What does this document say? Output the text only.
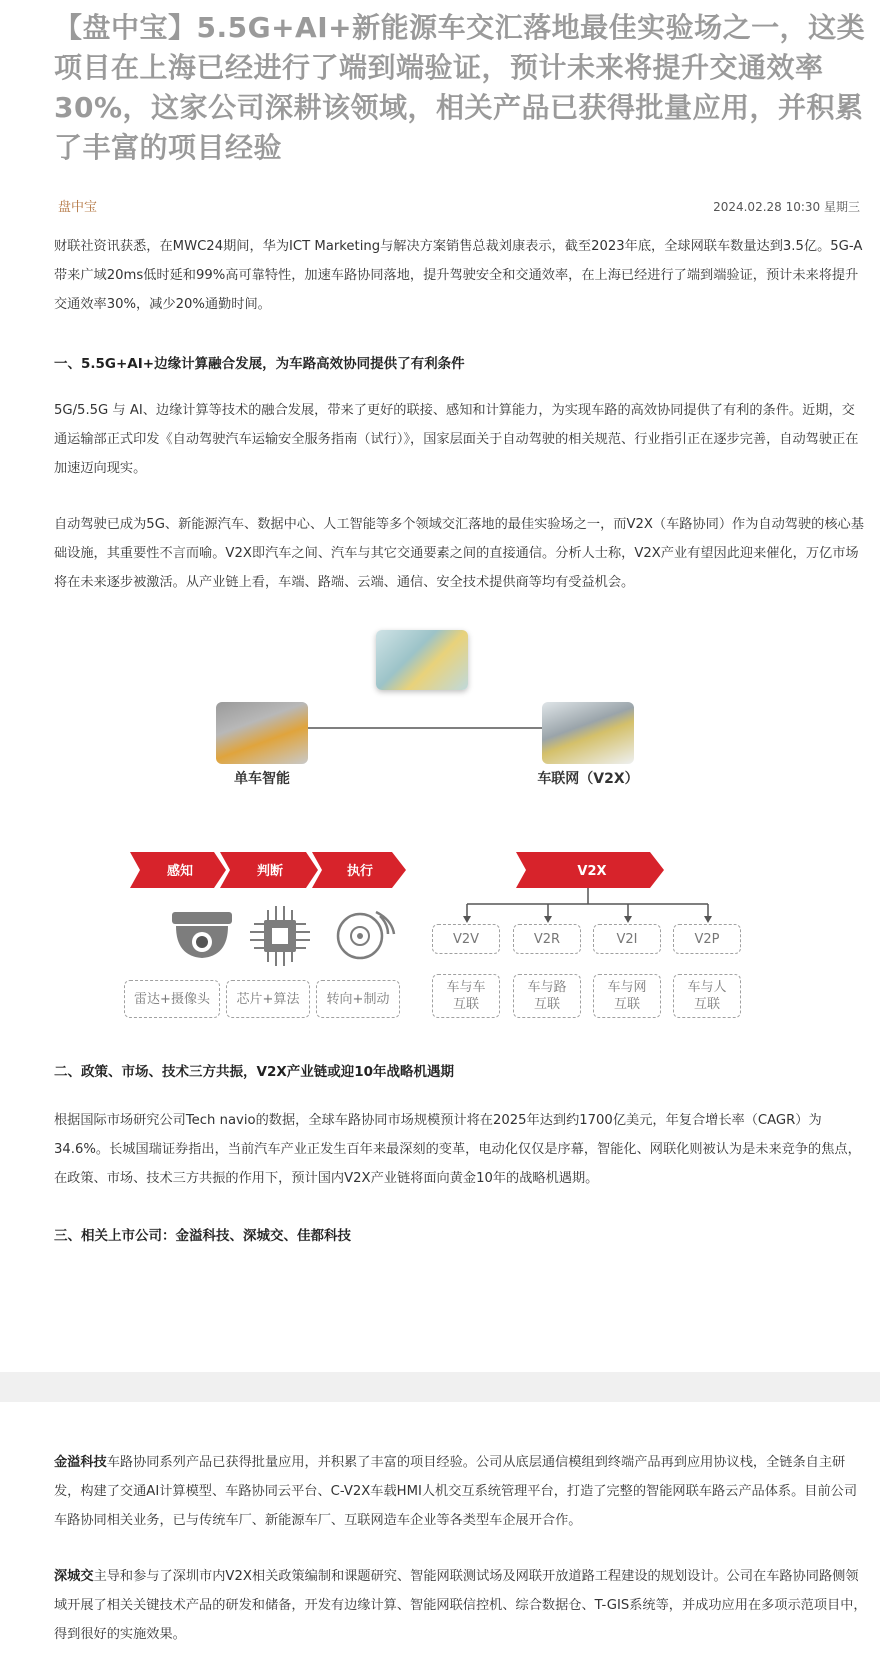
【盘中宝】5.5G+AI+新能源车交汇落地最佳实验场之一，这类项目在上海已经进行了端到端验证，预计未来将提升交通效率30%，这家公司深耕该领域，相关产品已获得批量应用，并积累了丰富的项目经验
盘中宝	2024.02.28 10:30 星期三
财联社资讯获悉，在MWC24期间，华为ICT Marketing与解决方案销售总裁刘康表示，截至2023年底，全球网联车数量达到3.5亿。5G-A带来广域20ms低时延和99%高可靠特性，加速车路协同落地，提升驾驶安全和交通效率，在上海已经进行了端到端验证，预计未来将提升交通效率30%，减少20%通勤时间。
一、5.5G+AI+边缘计算融合发展，为车路高效协同提供了有利条件
5G/5.5G 与 AI、边缘计算等技术的融合发展，带来了更好的联接、感知和计算能力，为实现车路的高效协同提供了有利的条件。近期，交通运输部正式印发《自动驾驶汽车运输安全服务指南（试行）》，国家层面关于自动驾驶的相关规范、行业指引正在逐步完善，自动驾驶正在加速迈向现实。
自动驾驶已成为5G、新能源汽车、数据中心、人工智能等多个领域交汇落地的最佳实验场之一，而V2X（车路协同）作为自动驾驶的核心基础设施，其重要性不言而喻。V2X即汽车之间、汽车与其它交通要素之间的直接通信。分析人士称，V2X产业有望因此迎来催化，万亿市场将在未来逐步被激活。从产业链上看，车端、路端、云端、通信、安全技术提供商等均有受益机会。
感知	判断	执行	V2X
单车智能	车联网（V2X）
雷达+摄像头	芯片+算法	转向+制动
V2V	V2R	V2I	V2P
车与车
互联
车与路
互联
车与网
互联
车与人
互联
二、政策、市场、技术三方共振，V2X产业链或迎10年战略机遇期
根据国际市场研究公司Tech navio的数据，全球车路协同市场规模预计将在2025年达到约1700亿美元，年复合增长率（CAGR）为34.6%。长城国瑞证券指出，当前汽车产业正发生百年来最深刻的变革，电动化仅仅是序幕，智能化、网联化则被认为是未来竞争的焦点，在政策、市场、技术三方共振的作用下，预计国内V2X产业链将面向黄金10年的战略机遇期。
三、相关上市公司：金溢科技、深城交、佳都科技
金溢科技车路协同系列产品已获得批量应用，并积累了丰富的项目经验。公司从底层通信模组到终端产品再到应用协议栈，全链条自主研发，构建了交通AI计算模型、车路协同云平台、C-V2X车载HMI人机交互系统管理平台，打造了完整的智能网联车路云产品体系。目前公司车路协同相关业务，已与传统车厂、新能源车厂、互联网造车企业等各类型车企展开合作。
深城交主导和参与了深圳市内V2X相关政策编制和课题研究、智能网联测试场及网联开放道路工程建设的规划设计。公司在车路协同路侧领域开展了相关关键技术产品的研发和储备，开发有边缘计算、智能网联信控机、综合数据仓、T-GIS系统等，并成功应用在多项示范项目中，得到很好的实施效果。
